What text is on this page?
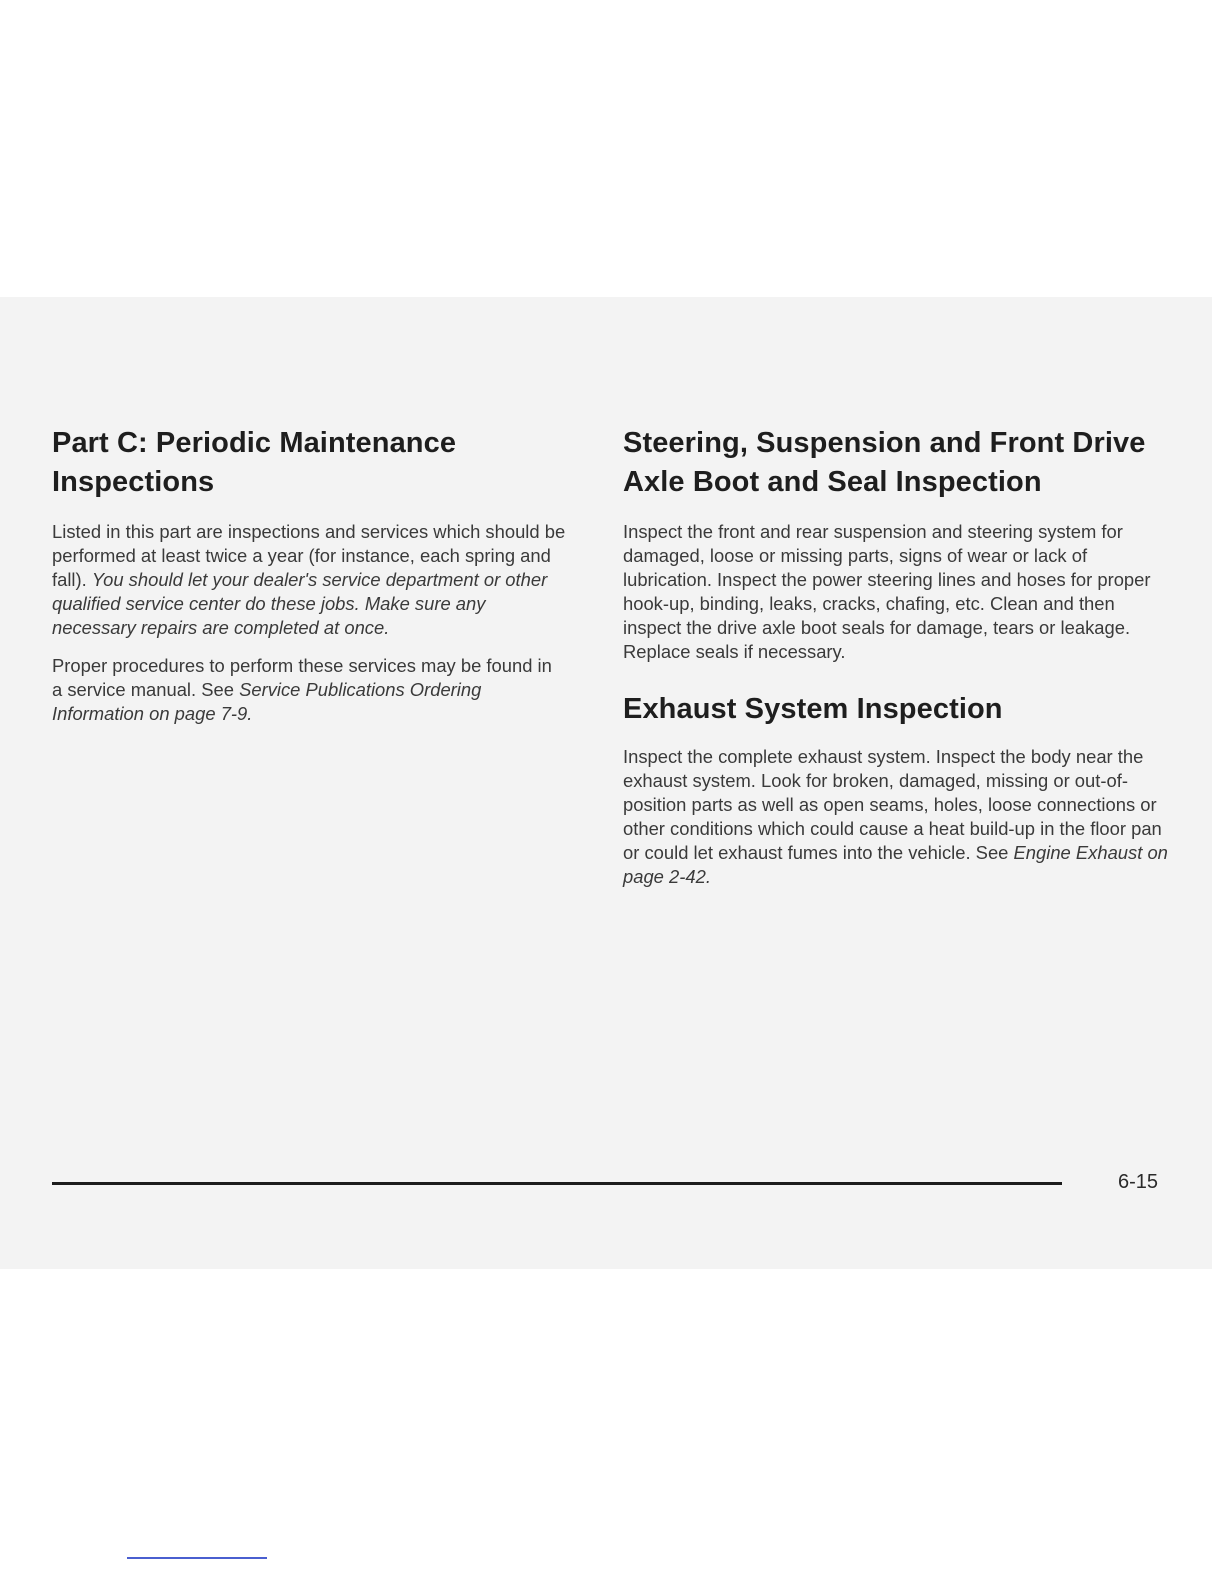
Part C: Periodic Maintenance Inspections

Listed in this part are inspections and services which should be performed at least twice a year (for instance, each spring and fall). You should let your dealer's service department or other qualified service center do these jobs. Make sure any necessary repairs are completed at once.

Proper procedures to perform these services may be found in a service manual. See Service Publications Ordering Information on page 7-9.

Steering, Suspension and Front Drive Axle Boot and Seal Inspection

Inspect the front and rear suspension and steering system for damaged, loose or missing parts, signs of wear or lack of lubrication. Inspect the power steering lines and hoses for proper hook-up, binding, leaks, cracks, chafing, etc. Clean and then inspect the drive axle boot seals for damage, tears or leakage. Replace seals if necessary.

Exhaust System Inspection

Inspect the complete exhaust system. Inspect the body near the exhaust system. Look for broken, damaged, missing or out-of-position parts as well as open seams, holes, loose connections or other conditions which could cause a heat build-up in the floor pan or could let exhaust fumes into the vehicle. See Engine Exhaust on page 2-42.

6-15
